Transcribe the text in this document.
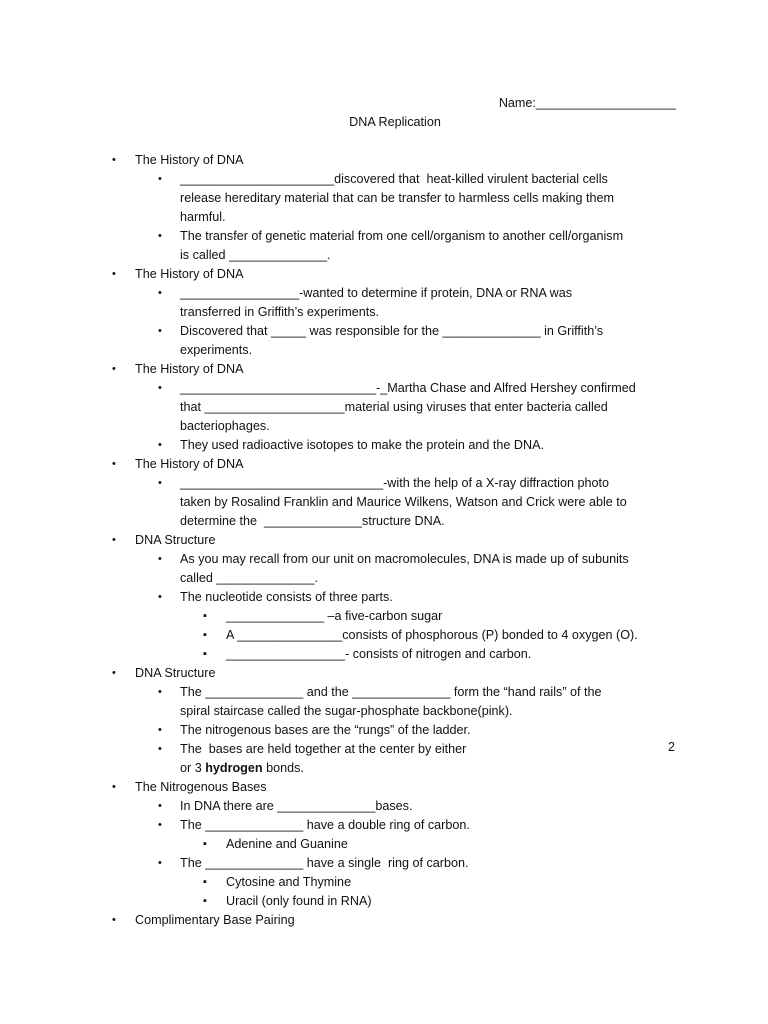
Name:____________________
DNA Replication
2
• The History of DNA
• ______________________discovered that  heat-killed virulent bacterial cells
release hereditary material that can be transfer to harmless cells making them
harmful.
• The transfer of genetic material from one cell/organism to another cell/organism
is called ______________.
• The History of DNA
• _________________-wanted to determine if protein, DNA or RNA was
transferred in Griffith’s experiments.
• Discovered that _____ was responsible for the ______________ in Griffith’s
experiments.
• The History of DNA
• ____________________________-_Martha Chase and Alfred Hershey confirmed
that ____________________material using viruses that enter bacteria called
bacteriophages.
• They used radioactive isotopes to make the protein and the DNA.
• The History of DNA
• _____________________________-with the help of a X-ray diffraction photo
taken by Rosalind Franklin and Maurice Wilkens, Watson and Crick were able to
determine the  ______________structure DNA.
• DNA Structure
• As you may recall from our unit on macromolecules, DNA is made up of subunits
called ______________.
• The nucleotide consists of three parts.
▪ ______________ –a five-carbon sugar
▪ A _______________consists of phosphorous (P) bonded to 4 oxygen (O).
▪ _________________- consists of nitrogen and carbon.
• DNA Structure
• The ______________ and the ______________ form the “hand rails” of the
spiral staircase called the sugar-phosphate backbone(pink).
• The nitrogenous bases are the “rungs” of the ladder.
• The  bases are held together at the center by either
or 3 hydrogen bonds.
• The Nitrogenous Bases
• In DNA there are ______________bases.
• The ______________ have a double ring of carbon.
▪ Adenine and Guanine
• The ______________ have a single  ring of carbon.
▪ Cytosine and Thymine
▪ Uracil (only found in RNA)
• Complimentary Base Pairing
